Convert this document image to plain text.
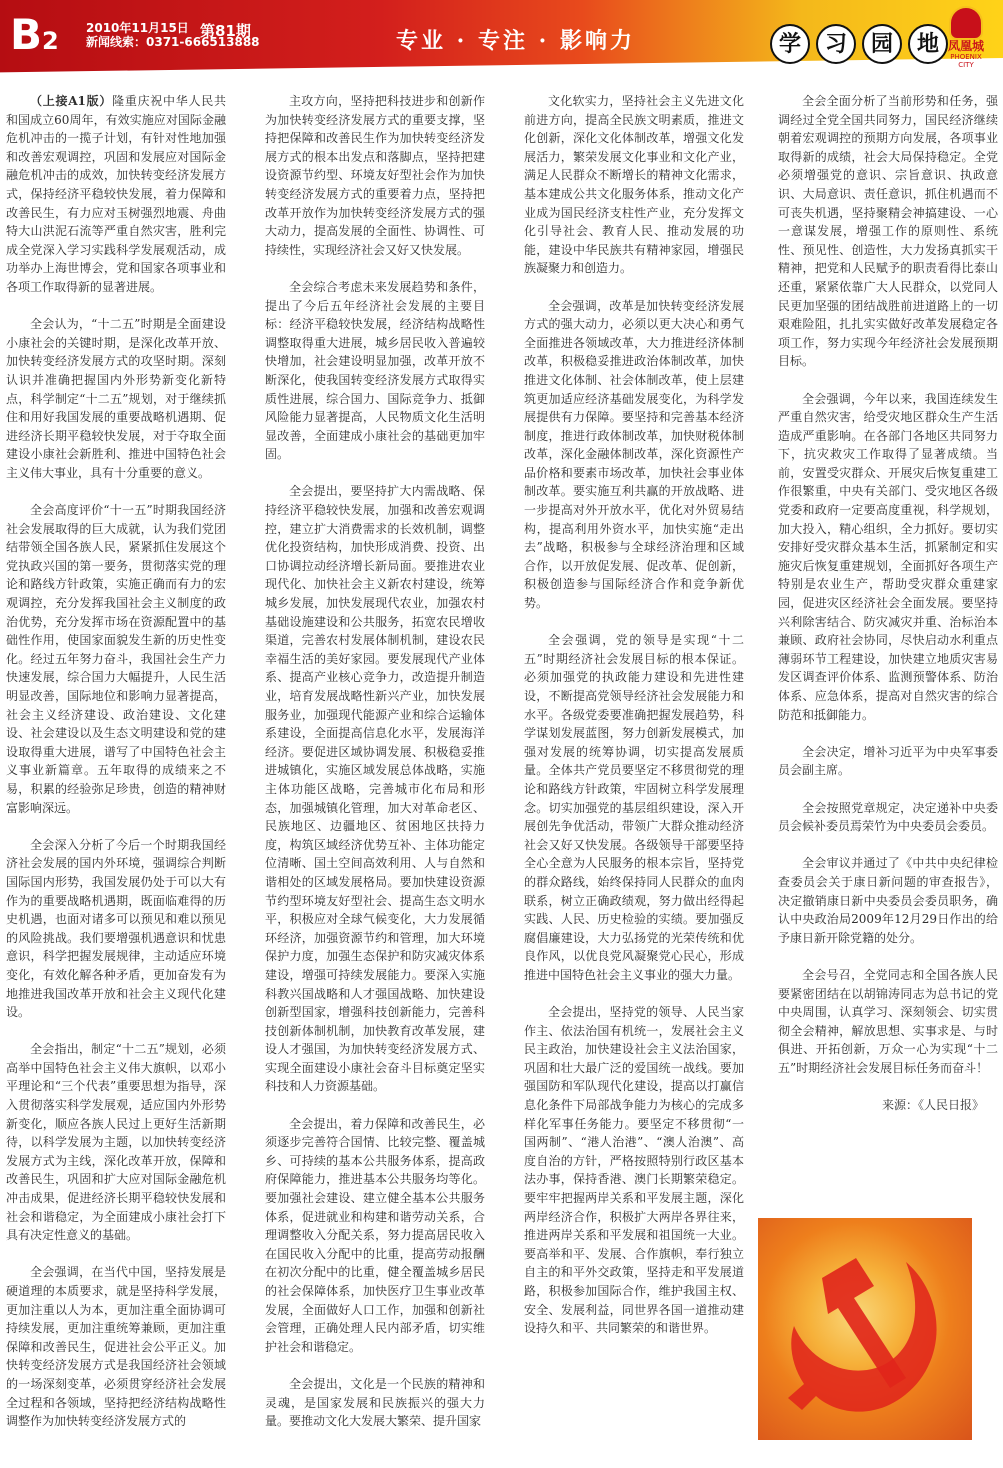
B2 2010年11月15日
新闻线索：0371-666513888
第81期	专业 · 专注 · 影响力	学	习	园	地 凤凰城
PHOENIX CITY

（上接A1版）隆重庆祝中华人民共和国成立60周年，有效实施应对国际金融危机冲击的一揽子计划，有针对性地加强和改善宏观调控，巩固和发展应对国际金融危机冲击的成效，加快转变经济发展方式，保持经济平稳较快发展，着力保障和改善民生，有力应对玉树强烈地震、舟曲特大山洪泥石流等严重自然灾害，胜利完成全党深入学习实践科学发展观活动，成功举办上海世博会，党和国家各项事业和各项工作取得新的显著进展。

全会认为，“十二五”时期是全面建设小康社会的关键时期，是深化改革开放、加快转变经济发展方式的攻坚时期。深刻认识并准确把握国内外形势新变化新特点，科学制定“十二五”规划，对于继续抓住和用好我国发展的重要战略机遇期、促进经济长期平稳较快发展，对于夺取全面建设小康社会新胜利、推进中国特色社会主义伟大事业，具有十分重要的意义。

全会高度评价“十一五”时期我国经济社会发展取得的巨大成就，认为我们党团结带领全国各族人民，紧紧抓住发展这个党执政兴国的第一要务，贯彻落实党的理论和路线方针政策，实施正确而有力的宏观调控，充分发挥我国社会主义制度的政治优势，充分发挥市场在资源配置中的基础性作用，使国家面貌发生新的历史性变化。经过五年努力奋斗，我国社会生产力快速发展，综合国力大幅提升，人民生活明显改善，国际地位和影响力显著提高，社会主义经济建设、政治建设、文化建设、社会建设以及生态文明建设和党的建设取得重大进展，谱写了中国特色社会主义事业新篇章。五年取得的成绩来之不易，积累的经验弥足珍贵，创造的精神财富影响深远。

全会深入分析了今后一个时期我国经济社会发展的国内外环境，强调综合判断国际国内形势，我国发展仍处于可以大有作为的重要战略机遇期，既面临难得的历史机遇，也面对诸多可以预见和难以预见的风险挑战。我们要增强机遇意识和忧患意识，科学把握发展规律，主动适应环境变化，有效化解各种矛盾，更加奋发有为地推进我国改革开放和社会主义现代化建设。

全会指出，制定“十二五”规划，必须高举中国特色社会主义伟大旗帜，以邓小平理论和“三个代表”重要思想为指导，深入贯彻落实科学发展观，适应国内外形势新变化，顺应各族人民过上更好生活新期待，以科学发展为主题，以加快转变经济发展方式为主线，深化改革开放，保障和改善民生，巩固和扩大应对国际金融危机冲击成果，促进经济长期平稳较快发展和社会和谐稳定，为全面建成小康社会打下具有决定性意义的基础。

全会强调，在当代中国，坚持发展是硬道理的本质要求，就是坚持科学发展，更加注重以人为本，更加注重全面协调可持续发展，更加注重统筹兼顾，更加注重保障和改善民生，促进社会公平正义。加快转变经济发展方式是我国经济社会领域的一场深刻变革，必须贯穿经济社会发展全过程和各领域，坚持把经济结构战略性调整作为加快转变经济发展方式的

主攻方向，坚持把科技进步和创新作为加快转变经济发展方式的重要支撑，坚持把保障和改善民生作为加快转变经济发展方式的根本出发点和落脚点，坚持把建设资源节约型、环境友好型社会作为加快转变经济发展方式的重要着力点，坚持把改革开放作为加快转变经济发展方式的强大动力，提高发展的全面性、协调性、可持续性，实现经济社会又好又快发展。

全会综合考虑未来发展趋势和条件，提出了今后五年经济社会发展的主要目标：经济平稳较快发展，经济结构战略性调整取得重大进展，城乡居民收入普遍较快增加，社会建设明显加强，改革开放不断深化，使我国转变经济发展方式取得实质性进展，综合国力、国际竞争力、抵御风险能力显著提高，人民物质文化生活明显改善，全面建成小康社会的基础更加牢固。

全会提出，要坚持扩大内需战略、保持经济平稳较快发展，加强和改善宏观调控，建立扩大消费需求的长效机制，调整优化投资结构，加快形成消费、投资、出口协调拉动经济增长新局面。要推进农业现代化、加快社会主义新农村建设，统筹城乡发展，加快发展现代农业，加强农村基础设施建设和公共服务，拓宽农民增收渠道，完善农村发展体制机制，建设农民幸福生活的美好家园。要发展现代产业体系、提高产业核心竞争力，改造提升制造业，培育发展战略性新兴产业，加快发展服务业，加强现代能源产业和综合运输体系建设，全面提高信息化水平，发展海洋经济。要促进区域协调发展、积极稳妥推进城镇化，实施区域发展总体战略，实施主体功能区战略，完善城市化布局和形态，加强城镇化管理，加大对革命老区、民族地区、边疆地区、贫困地区扶持力度，构筑区域经济优势互补、主体功能定位清晰、国土空间高效利用、人与自然和谐相处的区域发展格局。要加快建设资源节约型环境友好型社会、提高生态文明水平，积极应对全球气候变化，大力发展循环经济，加强资源节约和管理，加大环境保护力度，加强生态保护和防灾减灾体系建设，增强可持续发展能力。要深入实施科教兴国战略和人才强国战略、加快建设创新型国家，增强科技创新能力，完善科技创新体制机制，加快教育改革发展，建设人才强国，为加快转变经济发展方式、实现全面建设小康社会奋斗目标奠定坚实科技和人力资源基础。

全会提出，着力保障和改善民生，必须逐步完善符合国情、比较完整、覆盖城乡、可持续的基本公共服务体系，提高政府保障能力，推进基本公共服务均等化。要加强社会建设、建立健全基本公共服务体系，促进就业和构建和谐劳动关系，合理调整收入分配关系，努力提高居民收入在国民收入分配中的比重，提高劳动报酬在初次分配中的比重，健全覆盖城乡居民的社会保障体系，加快医疗卫生事业改革发展，全面做好人口工作，加强和创新社会管理，正确处理人民内部矛盾，切实维护社会和谐稳定。

全会提出，文化是一个民族的精神和灵魂，是国家发展和民族振兴的强大力量。要推动文化大发展大繁荣、提升国家

文化软实力，坚持社会主义先进文化前进方向，提高全民族文明素质，推进文化创新，深化文化体制改革，增强文化发展活力，繁荣发展文化事业和文化产业，满足人民群众不断增长的精神文化需求，基本建成公共文化服务体系，推动文化产业成为国民经济支柱性产业，充分发挥文化引导社会、教育人民、推动发展的功能，建设中华民族共有精神家园，增强民族凝聚力和创造力。

全会强调，改革是加快转变经济发展方式的强大动力，必须以更大决心和勇气全面推进各领域改革，大力推进经济体制改革，积极稳妥推进政治体制改革，加快推进文化体制、社会体制改革，使上层建筑更加适应经济基础发展变化，为科学发展提供有力保障。要坚持和完善基本经济制度，推进行政体制改革，加快财税体制改革，深化金融体制改革，深化资源性产品价格和要素市场改革，加快社会事业体制改革。要实施互利共赢的开放战略、进一步提高对外开放水平，优化对外贸易结构，提高利用外资水平，加快实施“走出去”战略，积极参与全球经济治理和区域合作，以开放促发展、促改革、促创新，积极创造参与国际经济合作和竞争新优势。

全会强调，党的领导是实现“十二五”时期经济社会发展目标的根本保证。必须加强党的执政能力建设和先进性建设，不断提高党领导经济社会发展能力和水平。各级党委要准确把握发展趋势，科学谋划发展蓝图，努力创新发展模式，加强对发展的统筹协调，切实提高发展质量。全体共产党员要坚定不移贯彻党的理论和路线方针政策，牢固树立科学发展理念。切实加强党的基层组织建设，深入开展创先争优活动，带领广大群众推动经济社会又好又快发展。各级领导干部要坚持全心全意为人民服务的根本宗旨，坚持党的群众路线，始终保持同人民群众的血肉联系，树立正确政绩观，努力做出经得起实践、人民、历史检验的实绩。要加强反腐倡廉建设，大力弘扬党的光荣传统和优良作风，以优良党风凝聚党心民心，形成推进中国特色社会主义事业的强大力量。

全会提出，坚持党的领导、人民当家作主、依法治国有机统一，发展社会主义民主政治，加快建设社会主义法治国家，巩固和壮大最广泛的爱国统一战线。要加强国防和军队现代化建设，提高以打赢信息化条件下局部战争能力为核心的完成多样化军事任务能力。要坚定不移贯彻“一国两制”、“港人治港”、“澳人治澳”、高度自治的方针，严格按照特别行政区基本法办事，保持香港、澳门长期繁荣稳定。要牢牢把握两岸关系和平发展主题，深化两岸经济合作，积极扩大两岸各界往来，推进两岸关系和平发展和祖国统一大业。要高举和平、发展、合作旗帜，奉行独立自主的和平外交政策，坚持走和平发展道路，积极参加国际合作，维护我国主权、安全、发展利益，同世界各国一道推动建设持久和平、共同繁荣的和谐世界。

全会全面分析了当前形势和任务，强调经过全党全国共同努力，国民经济继续朝着宏观调控的预期方向发展，各项事业取得新的成绩，社会大局保持稳定。全党必须增强党的意识、宗旨意识、执政意识、大局意识、责任意识，抓住机遇而不可丧失机遇，坚持聚精会神搞建设、一心一意谋发展，增强工作的原则性、系统性、预见性、创造性，大力发扬真抓实干精神，把党和人民赋予的职责看得比泰山还重，紧紧依靠广大人民群众，以党同人民更加坚强的团结战胜前进道路上的一切艰难险阻，扎扎实实做好改革发展稳定各项工作，努力实现今年经济社会发展预期目标。

全会强调，今年以来，我国连续发生严重自然灾害，给受灾地区群众生产生活造成严重影响。在各部门各地区共同努力下，抗灾救灾工作取得了显著成绩。当前，安置受灾群众、开展灾后恢复重建工作很繁重，中央有关部门、受灾地区各级党委和政府一定要高度重视，科学规划，加大投入，精心组织，全力抓好。要切实安排好受灾群众基本生活，抓紧制定和实施灾后恢复重建规划，全面抓好各项生产特别是农业生产，帮助受灾群众重建家园，促进灾区经济社会全面发展。要坚持兴利除害结合、防灾减灾并重、治标治本兼顾、政府社会协同，尽快启动水利重点薄弱环节工程建设，加快建立地质灾害易发区调查评价体系、监测预警体系、防治体系、应急体系，提高对自然灾害的综合防范和抵御能力。

全会决定，增补习近平为中央军事委员会副主席。

全会按照党章规定，决定递补中央委员会候补委员焉荣竹为中央委员会委员。

全会审议并通过了《中共中央纪律检查委员会关于康日新问题的审查报告》，决定撤销康日新中央委员会委员职务，确认中央政治局2009年12月29日作出的给予康日新开除党籍的处分。

全会号召，全党同志和全国各族人民要紧密团结在以胡锦涛同志为总书记的党中央周围，认真学习、深刻领会、切实贯彻全会精神，解放思想、实事求是、与时俱进、开拓创新，万众一心为实现“十二五”时期经济社会发展目标任务而奋斗！

来源：《人民日报》
